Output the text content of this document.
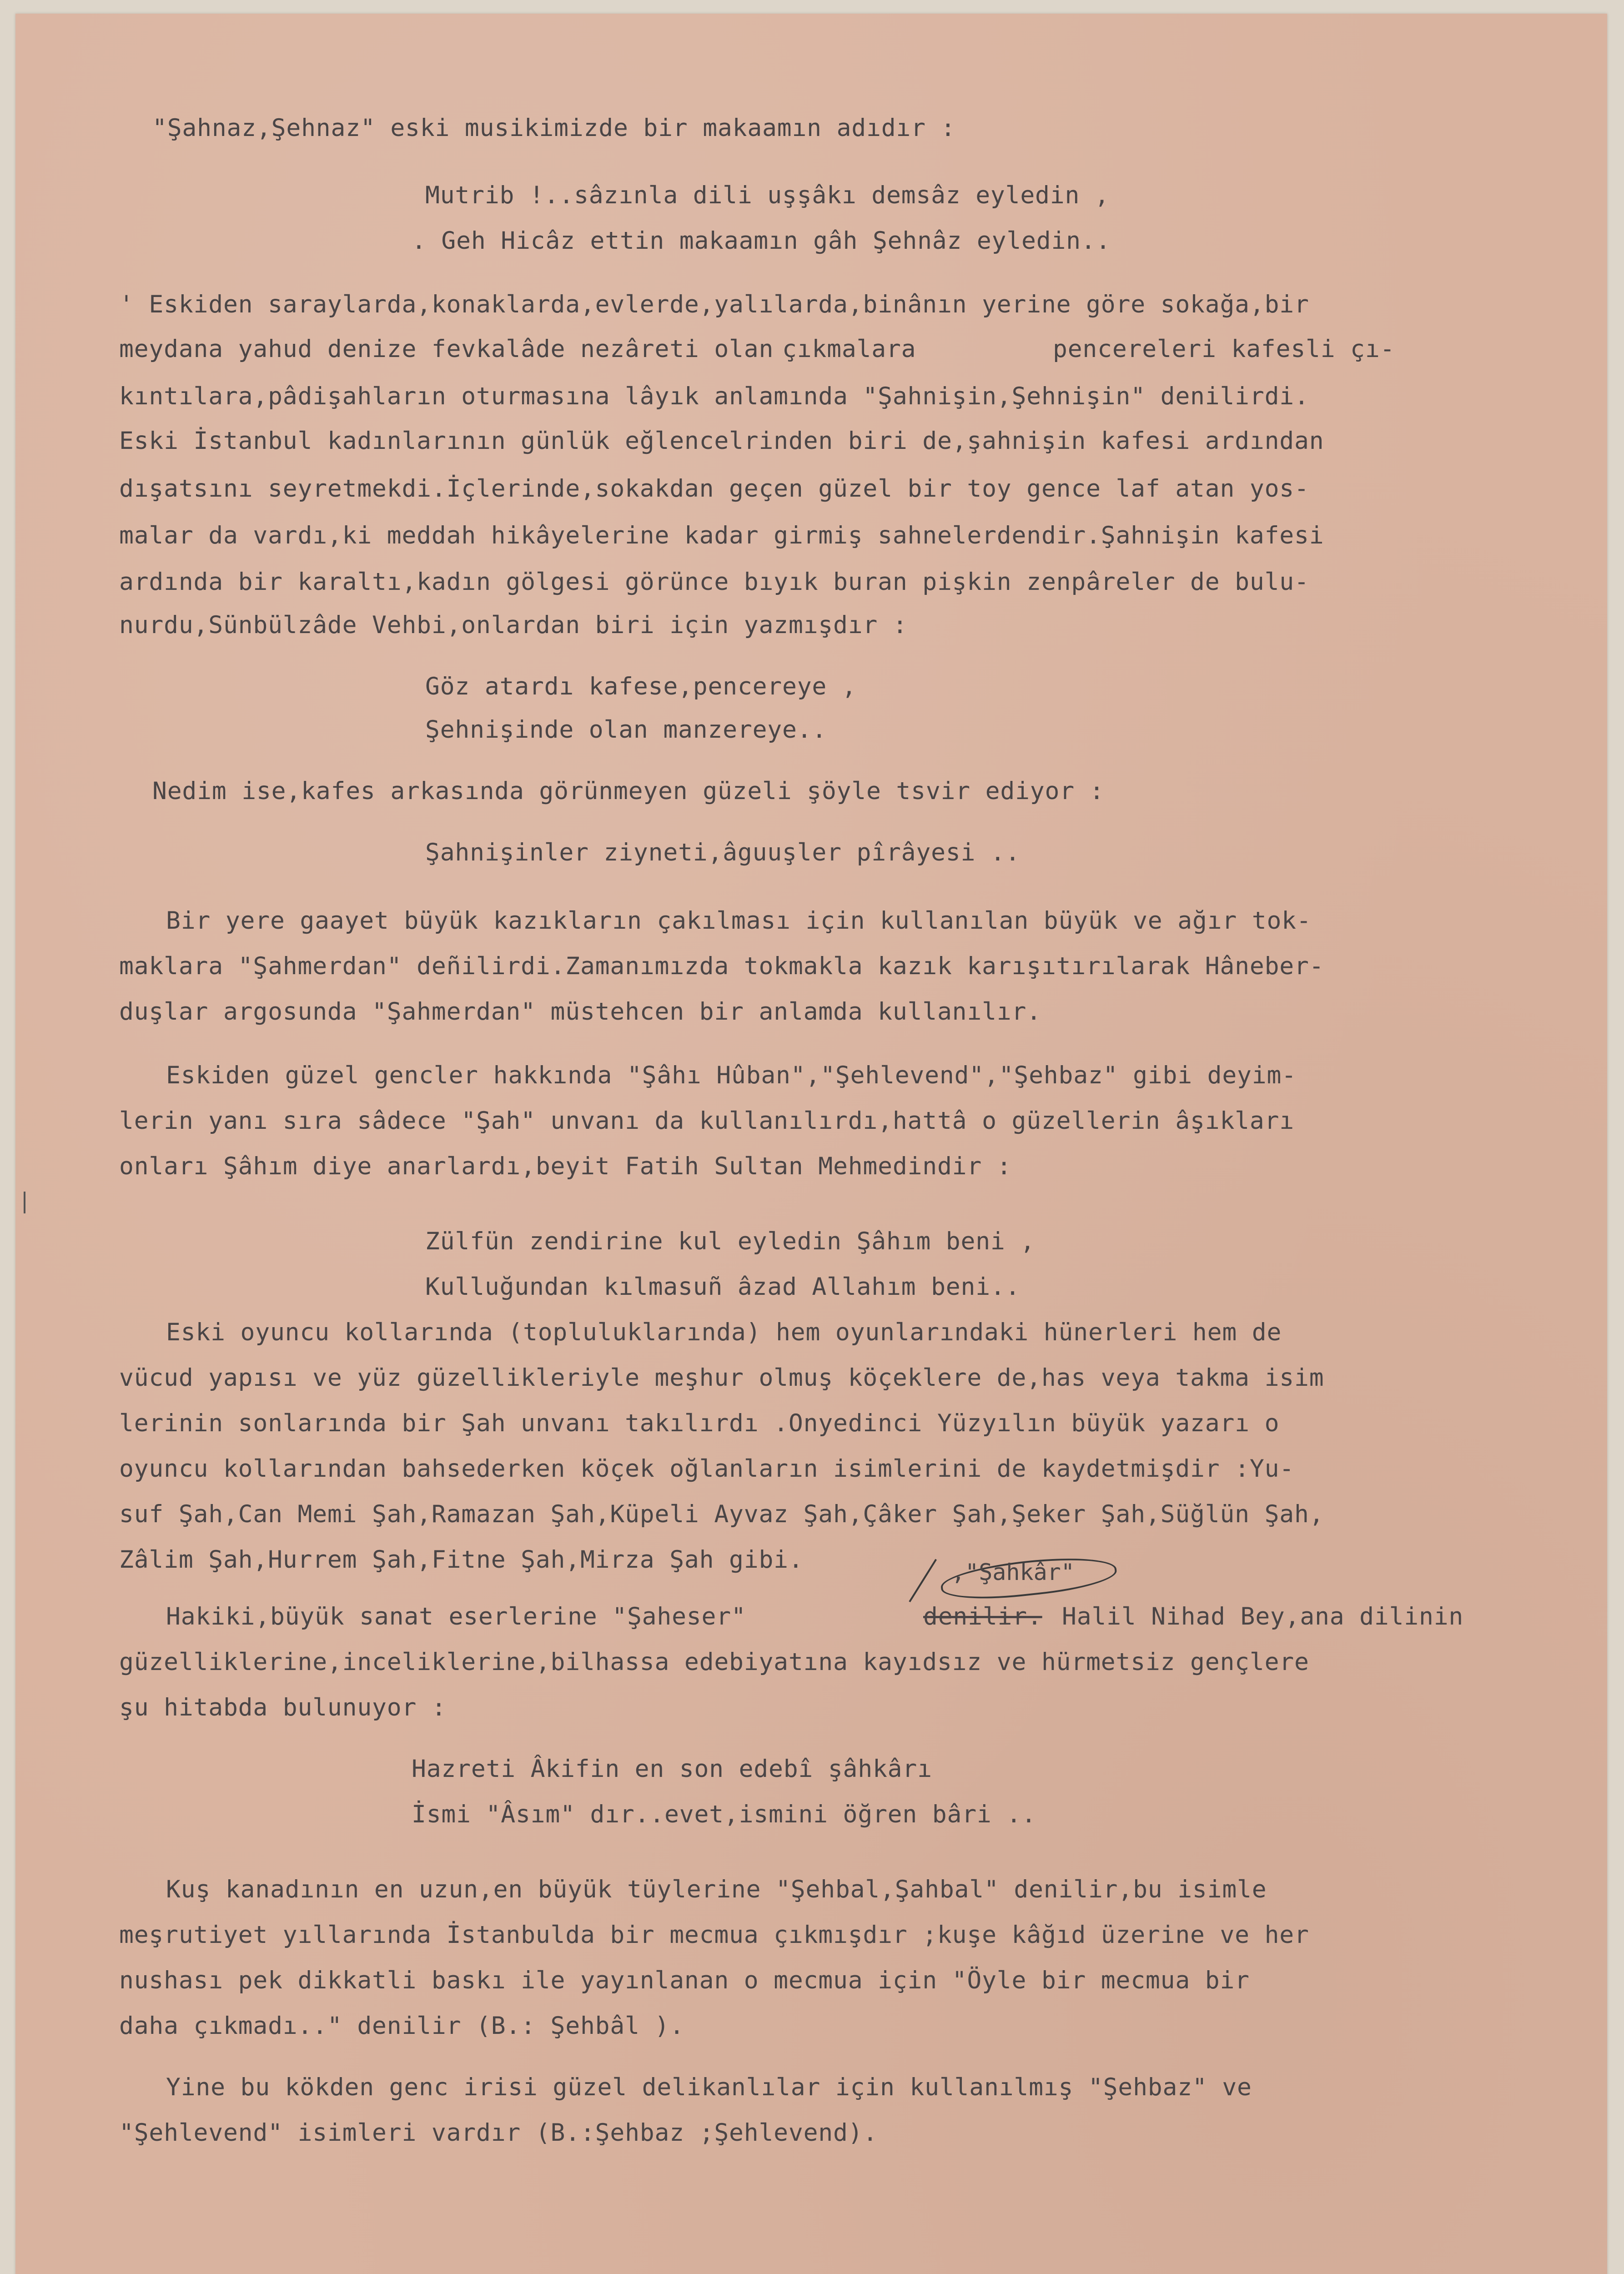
"Şahnaz,Şehnaz" eski musikimizde bir makaamın adıdır :
Mutrib !..sâzınla dili uşşâkı demsâz eyledin ,
. Geh Hicâz ettin makaamın gâh Şehnâz eyledin..
' Eskiden saraylarda,konaklarda,evlerde,yalılarda,binânın yerine göre sokağa,bir
meydana yahud denize fevkalâde nezâreti olan çıkmalara	pencereleri kafesli çı-
kıntılara,pâdişahların oturmasına lâyık anlamında "Şahnişin,Şehnişin" denilirdi.
Eski İstanbul kadınlarının günlük eğlencelrinden biri de,şahnişin kafesi ardından
dışatsını seyretmekdi.İçlerinde,sokakdan geçen güzel bir toy gence laf atan yos-
malar da vardı,ki meddah hikâyelerine kadar girmiş sahnelerdendir.Şahnişin kafesi
ardında bir karaltı,kadın gölgesi görünce bıyık buran pişkin zenpâreler de bulu-
nurdu,Sünbülzâde Vehbi,onlardan biri için yazmışdır :
Göz atardı kafese,pencereye ,
Şehnişinde olan manzereye..
Nedim ise,kafes arkasında görünmeyen güzeli şöyle tsvir ediyor :
Şahnişinler ziyneti,âguuşler pîrâyesi ..
Bir yere gaayet büyük kazıkların çakılması için kullanılan büyük ve ağır tok-
maklara "Şahmerdan" deñilirdi.Zamanımızda tokmakla kazık karışıtırılarak Hâneber-
duşlar argosunda "Şahmerdan" müstehcen bir anlamda kullanılır.
Eskiden güzel gencler hakkında "Şâhı Hûban","Şehlevend","Şehbaz" gibi deyim-
lerin yanı sıra sâdece "Şah" unvanı da kullanılırdı,hattâ o güzellerin âşıkları
onları Şâhım diye anarlardı,beyit Fatih Sultan Mehmedindir :
Zülfün zendirine kul eyledin Şâhım beni ,
Kulluğundan kılmasuñ âzad Allahım beni..
Eski oyuncu kollarında (topluluklarında) hem oyunlarındaki hünerleri hem de
vücud yapısı ve yüz güzellikleriyle meşhur olmuş köçeklere de,has veya takma isim
lerinin sonlarında bir Şah unvanı takılırdı .Onyedinci Yüzyılın büyük yazarı o
oyuncu kollarından bahsederken köçek oğlanların isimlerini de kaydetmişdir :Yu-
suf Şah,Can Memi Şah,Ramazan Şah,Küpeli Ayvaz Şah,Çâker Şah,Şeker Şah,Süğlün Şah,
Zâlim Şah,Hurrem Şah,Fitne Şah,Mirza Şah gibi.
Hakiki,büyük sanat eserlerine "Şaheser"	denilir. Halil Nihad Bey,ana dilinin
güzelliklerine,inceliklerine,bilhassa edebiyatına kayıdsız ve hürmetsiz gençlere
şu hitabda bulunuyor :
Hazreti Âkifin en son edebî şâhkârı
İsmi "Âsım" dır..evet,ismini öğren bâri ..
Kuş kanadının en uzun,en büyük tüylerine "Şehbal,Şahbal" denilir,bu isimle
meşrutiyet yıllarında İstanbulda bir mecmua çıkmışdır ;kuşe kâğıd üzerine ve her
nushası pek dikkatli baskı ile yayınlanan o mecmua için "Öyle bir mecmua bir
daha çıkmadı.." denilir (B.: Şehbâl ).
Yine bu kökden genc irisi güzel delikanlılar için kullanılmış "Şehbaz" ve
"Şehlevend" isimleri vardır (B.:Şehbaz ;Şehlevend).
,"Şahkâr"
